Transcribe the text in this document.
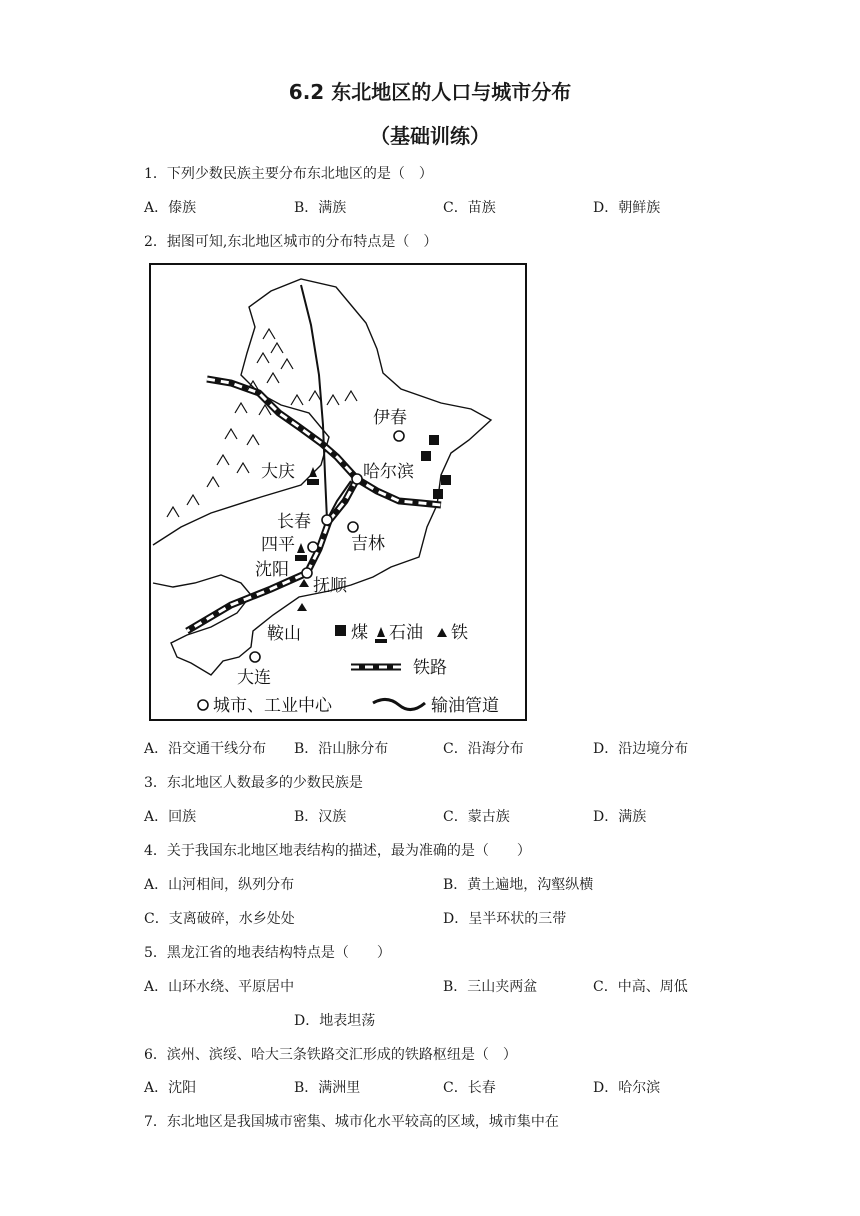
6.2 东北地区的人口与城市分布
（基础训练）
1．下列少数民族主要分布东北地区的是（　）
A．傣族	B．满族	C．苗族	D．朝鲜族
2．据图可知,东北地区城市的分布特点是（　）
伊春
大庆	哈尔滨
长春
吉林
四平
沈阳
抚顺
鞍山
大连
煤 石油 铁
铁路
城市、工业中心	输油管道
A．沿交通干线分布 B．沿山脉分布	C．沿海分布	D．沿边境分布
3．东北地区人数最多的少数民族是
A．回族	B．汉族	C．蒙古族	D．满族
4．关于我国东北地区地表结构的描述，最为准确的是（　　）
A．山河相间，纵列分布	B．黄土遍地，沟壑纵横
C．支离破碎，水乡处处	D．呈半环状的三带
5．黑龙江省的地表结构特点是（　　）
A．山环水绕、平原居中	B．三山夹两盆	C．中高、周低
D．地表坦荡
6．滨州、滨绥、哈大三条铁路交汇形成的铁路枢纽是（　）
A．沈阳	B．满洲里	C．长春	D．哈尔滨
7．东北地区是我国城市密集、城市化水平较高的区域，城市集中在
